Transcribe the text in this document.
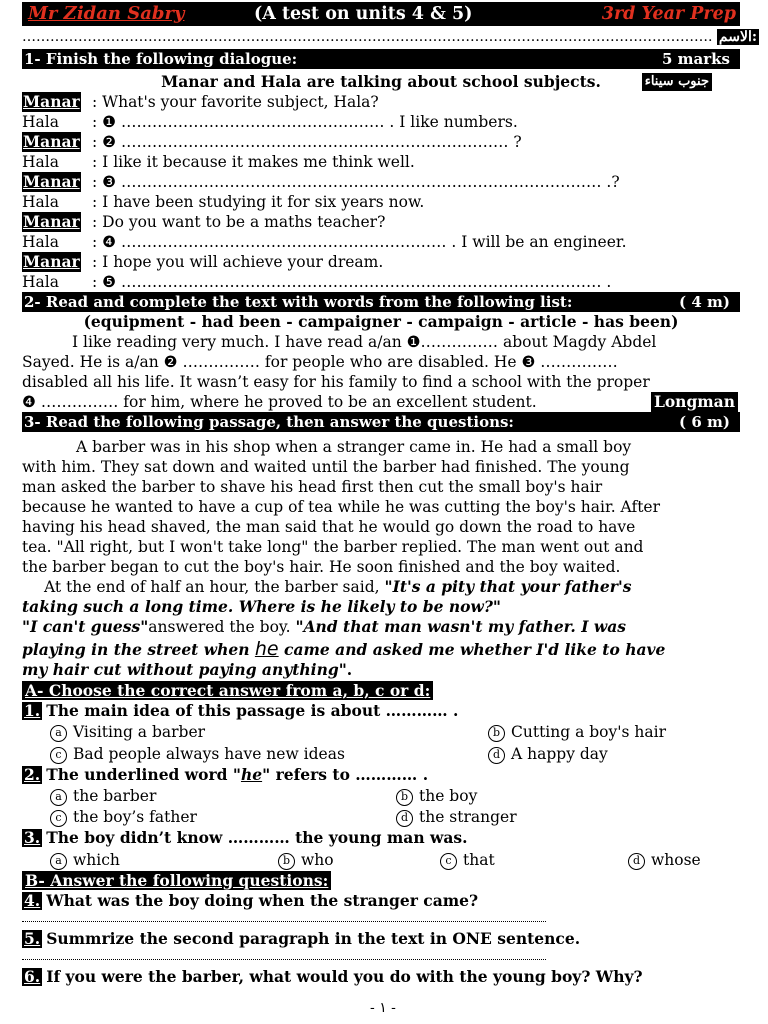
Mr Zidan Sabry	(A test on units 4 & 5)	3rd Year Prep
…………………………………………………………………………………………………………………………………. الاسم:
1- Finish the following dialogue:	5 marks
Manar and Hala are talking about school subjects.	جنوب سيناء
Manar : What's your favorite subject, Hala?
Hala : ❶ …………………………………………… . I like numbers.
Manar : ❷ ………………………………………………………………… ?
Hala : I like it because it makes me think well.
Manar : ❸ ………………………………………………………………………………… .?
Hala : I have been studying it for six years now.
Manar : Do you want to be a maths teacher?
Hala : ❹ ……………………………………………………… . I will be an engineer.
Manar : I hope you will achieve your dream.
Hala : ❺ ………………………………………………………………………………… .
2- Read and complete the text with words from the following list:	( 4 m)
(equipment - had been - campaigner - campaign - article - has been)
I like reading very much. I have read a/an ❶…………… about Magdy Abdel
Sayed. He is a/an ❷ …………… for people who are disabled. He ❸ ……………
disabled all his life. It wasn’t easy for his family to find a school with the proper
❹ …………… for him, where he proved to be an excellent student.	Longman
3- Read the following passage, then answer the questions:	( 6 m)
A barber was in his shop when a stranger came in. He had a small boy
with him. They sat down and waited until the barber had finished. The young
man asked the barber to shave his head first then cut the small boy's hair
because he wanted to have a cup of tea while he was cutting the boy's hair. After
having his head shaved, the man said that he would go down the road to have
tea. "All right, but I won't take long" the barber replied. The man went out and
the barber began to cut the boy's hair. He soon finished and the boy waited.
At the end of half an hour, the barber said, "It's a pity that your father's
taking such a long time. Where is he likely to be now?"
"I can't guess"answered the boy. "And that man wasn't my father. I was
playing in the street when he came and asked me whether I'd like to have
my hair cut without paying anything".
A- Choose the correct answer from a, b, c or d:
1. The main idea of this passage is about ………… .
a Visiting a barber	b Cutting a boy's hair
c Bad people always have new ideas	d A happy day
2. The underlined word "he" refers to ………… .
a the barber	b the boy
c the boy’s father	d the stranger
3. The boy didn’t know ………… the young man was.
a which	b who	c that	d whose
B- Answer the following questions:
4. What was the boy doing when the stranger came?
5. Summrize the second paragraph in the text in ONE sentence.
6. If you were the barber, what would you do with the young boy? Why?
- ١ -
